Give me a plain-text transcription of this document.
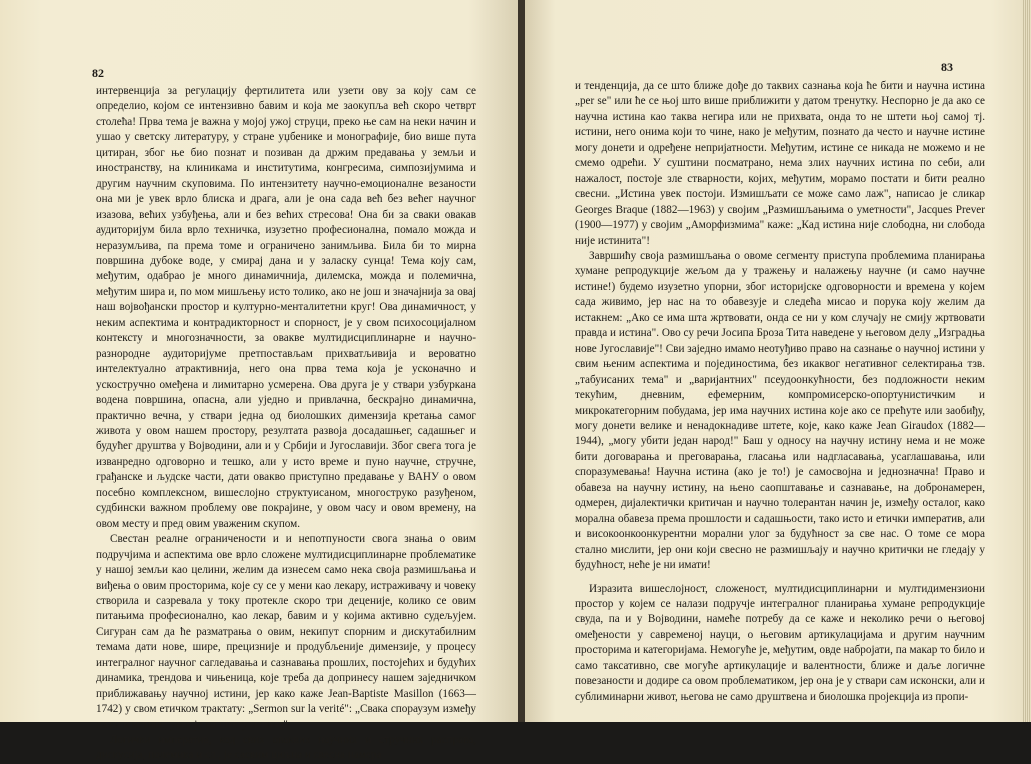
82

интервенција за регулацију фертилитета или узети ову за коју сам се определио, којом се интензивно бавим и која ме заокупља већ скоро четврт столећа! Прва тема је важна у мојој ужој струци, преко ње сам на неки начин и ушао у светску литературу, у стране уџбенике и монографије, био више пута цитиран, због ње био познат и позиван да држим предавања у земљи и иностранству, на клиникама и институтима, конгресима, симпозијумима и другим научним скуповима. По интензитету научно-емоционалне везаности она ми је увек врло блиска и драга, али је она сада већ без већег научног изазова, већих узбуђења, али и без већих стресова! Она би за сваки овакав аудиторијум била врло техничка, изузетно професионална, помало можда и неразумљива, па према томе и ограничено занимљива. Била би то мирна површина дубоке воде, у смирај дана и у заласку сунца! Тема коју сам, међутим, одабрао је много динамичнија, дилемска, можда и полемична, међутим шира и, по мом мишљењу исто толико, ако не још и значајнија за овај наш војвођански простор и културно-менталитетни круг! Ова динамичност, у неким аспектима и контрадикторност и спорност, је у свом психосоцијалном контексту и многозначности, за овакве мултидисциплинарне и научно-разнородне аудиторијуме претпостављам прихватљивија и вероватно интелектуално атрактивнија, него она прва тема која је усконачно и ускостручно омеђена и лимитарно усмерена. Ова друга је у ствари узбуркана водена површина, опасна, али уједно и привлачна, бескрајно динамична, практично вечна, у ствари једна од биолошких димензија кретања самог живота у овом нашем простору, резултата развоја досадашњег, садашњег и будућег друштва у Војводини, али и у Србији и Југославији. Због свега тога је изванредно одговорно и тешко, али у исто време и пуно научне, стручне, грађанске и људске части, дати овакво приступно предавање у ВАНУ о овом посебно комплексном, вишеслојно структуисаном, многоструко разуђеном, судбински важном проблему ове покрајине, у овом часу и овом времену, на овом месту и пред овим уваженим скупом.

Свестан реалне ограничености и и непотпуности свога знања о овим подручјима и аспектима ове врло сложене мултидисциплинарне проблематике у нашој земљи као целини, желим да изнесем само нека своја размишљања и виђења о овим просторима, које су се у мени као лекару, истраживачу и човеку створила и сазревала у току протекле скоро три деценије, колико се овим питањима професионално, као лекар, бавим и у којима активно судељујем. Сигуран сам да ће разматрања о овим, некипут спорним и дискутабилним темама дати нове, шире, прецизније и продубљеније димензије, у процесу интегралног научног сагледавања и сазнавања прошлих, постојећих и будућих динамика, трендова и чињеница, које треба да допринесу нашем заједничком приближавању научној истини, јер како каже Jean-Baptiste Masillon (1663—1742) у свом етичком трактату: „Sermon sur la verité": „Свака спораузум између лажи и истине, увек је на штету истине".

Логички императив, код свих оваквих научних и стручних расправа, дискусија, полемика и сл., је сасвим циљна и свесна намера

83

и тенденција, да се што ближе дође до таквих сазнања која ће бити и научна истина „per se" или ће се њој што више приближити у датом тренутку. Неспорно је да ако се научна истина као таква негира или не прихвата, онда то не штети њој самој тј. истини, него онима који то чине, нако је међутим, познато да често и научне истине могу донети и одређене непријатности. Међутим, истине се никада не можемо и не смемо одрећи. У суштини посматрано, нема злих научних истина по себи, али нажалост, постоје зле стварности, којих, међутим, морамо постати и бити реално свесни. „Истина увек постоји. Измишљати се може само лаж", написао је сликар Georges Braque (1882—1963) у својим „Размишљањима о уметности", Jacques Prever (1900—1977) у својим „Аморфизмима" каже: „Кад истина није слободна, ни слобода није истинита"!

Завршићу своја размишљања о овоме сегменту приступа проблемима планирања хумане репродукције жељом да у тражењу и налажењу научне (и само научне истине!) будемо изузетно упорни, због историјске одговорности и времена у којем сада живимо, јер нас на то обавезује и следећа мисао и порука коју желим да истакнем: „Ако се има шта жртвовати, онда се ни у ком случају не смију жртвовати правда и истина". Ово су речи Јосипа Броза Тита наведене у његовом делу „Изградња нове Југославије"! Сви заједно имамо неотуђиво право на сазнање о научној истини у свим њеним аспектима и појединостима, без икаквог негативног селектирања тзв. „табуисаних тема" и „варијантних" псеудоонкућности, без подложности неким текућим, дневним, ефемерним, компромисерско-опортунистичким и микрокатегорним побудама, јер има научних истина које ако се прећуте или заобиђу, могу донети велике и ненадокнадиве штете, које, како каже Jean Giraudox (1882—1944), „могу убити један народ!" Баш у односу на научну истину нема и не може бити договарања и преговарања, гласања или надгласавања, усаглашавања, или споразумевања! Научна истина (ако је то!) је самосвојна и једнозначна! Право и обавеза на научну истину, на њено саопштавање и сазнавање, на добронамерен, одмерен, дијалектички критичан и научно толерантан начин је, између осталог, како морална обавеза према прошлости и садашњости, тако исто и етички императив, али и високоонкоонкурентни морални улог за будућност за све нас. О томе се мора стално мислити, јер они који свесно не размишљају и научно критички не гледају у будућност, неће је ни имати!

Изразита вишеслојност, сложеност, мултидисциплинарни и мултидимензиони простор у којем се налази подручје интегралног планирања хумане репродукције свуда, па и у Војводини, намеће потребу да се каже и неколико речи о његовој омеђености у савременој науци, о његовим артикулацијама и другим научним просторима и категоријама. Немогуће је, међутим, овде набројати, па макар то било и само таксативно, све могуће артикулације и валентности, ближе и даље логичне повезаности и додире са овом проблематиком, јер она је у ствари сам исконски, али и сублиминарни живот, његова не само друштвена и биолошка пројекција из пропи-
